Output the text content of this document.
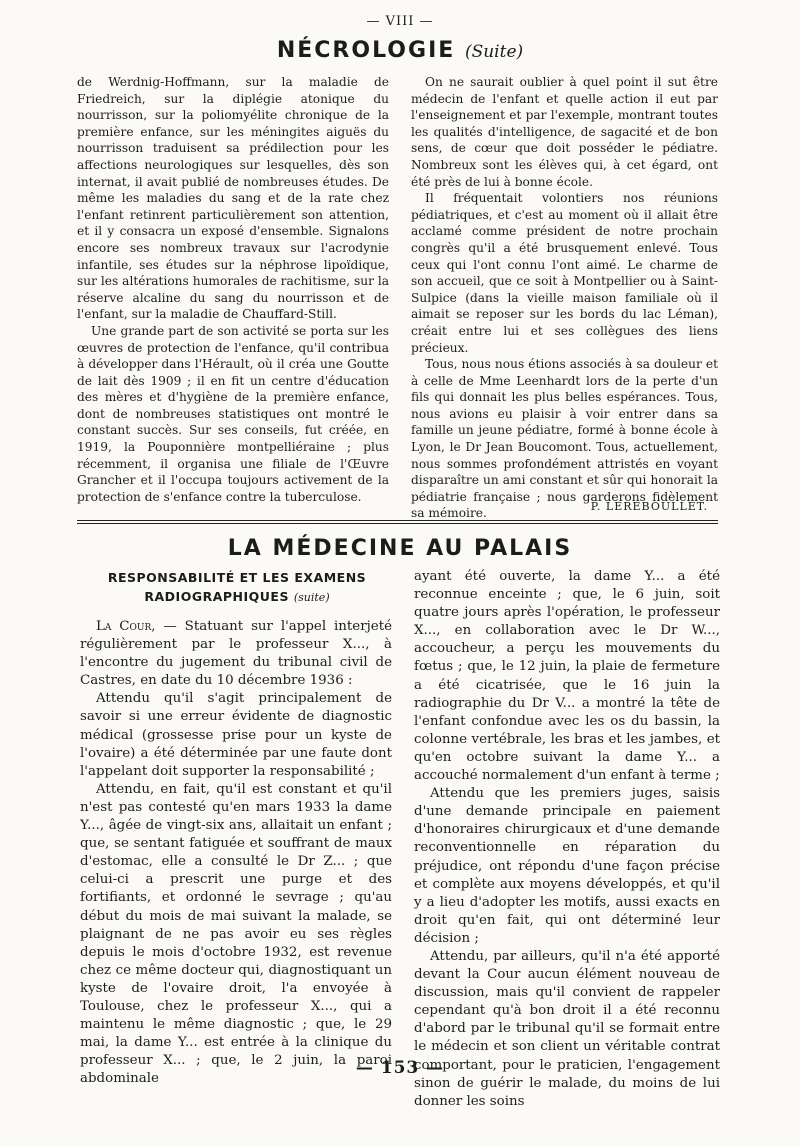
— VIII —
NÉCROLOGIE (Suite)

de Werdnig-Hoffmann, sur la maladie de Friedreich, sur la diplégie atonique du nourrisson, sur la poliomyélite chronique de la première enfance, sur les méningites aiguës du nourrisson traduisent sa prédilection pour les affections neurologiques sur lesquelles, dès son internat, il avait publié de nombreuses études. De même les maladies du sang et de la rate chez l'enfant retinrent particulièrement son attention, et il y consacra un exposé d'ensemble. Signalons encore ses nombreux travaux sur l'acrodynie infantile, ses études sur la néphrose lipoïdique, sur les altérations humorales de rachitisme, sur la réserve alcaline du sang du nourrisson et de l'enfant, sur la maladie de Chauffard-Still.

Une grande part de son activité se porta sur les œuvres de protection de l'enfance, qu'il contribua à développer dans l'Hérault, où il créa une Goutte de lait dès 1909 ; il en fit un centre d'éducation des mères et d'hygiène de la première enfance, dont de nombreuses statistiques ont montré le constant succès. Sur ses conseils, fut créée, en 1919, la Pouponnière montpelliéraine ; plus récemment, il organisa une filiale de l'Œuvre Grancher et il l'occupa toujours activement de la protection de s'enfance contre la tuberculose.

On ne saurait oublier à quel point il sut être médecin de l'enfant et quelle action il eut par l'enseignement et par l'exemple, montrant toutes les qualités d'intelligence, de sagacité et de bon sens, de cœur que doit posséder le pédiatre. Nombreux sont les élèves qui, à cet égard, ont été près de lui à bonne école.

Il fréquentait volontiers nos réunions pédiatriques, et c'est au moment où il allait être acclamé comme président de notre prochain congrès qu'il a été brusquement enlevé. Tous ceux qui l'ont connu l'ont aimé. Le charme de son accueil, que ce soit à Montpellier ou à Saint-Sulpice (dans la vieille maison familiale où il aimait se reposer sur les bords du lac Léman), créait entre lui et ses collègues des liens précieux.

Tous, nous nous étions associés à sa douleur et à celle de Mme Leenhardt lors de la perte d'un fils qui donnait les plus belles espérances. Tous, nous avions eu plaisir à voir entrer dans sa famille un jeune pédiatre, formé à bonne école à Lyon, le Dr Jean Boucomont. Tous, actuellement, nous sommes profondément attristés en voyant disparaître un ami constant et sûr qui honorait la pédiatrie française ; nous garderons fidèlement sa mémoire.	P. LEREBOULLET.
LA MÉDECINE AU PALAIS
RESPONSABILITÉ ET LES EXAMENS
RADIOGRAPHIQUES (suite)

La Cour, — Statuant sur l'appel interjeté régulièrement par le professeur X..., à l'encontre du jugement du tribunal civil de Castres, en date du 10 décembre 1936 :

Attendu qu'il s'agit principalement de savoir si une erreur évidente de diagnostic médical (grossesse prise pour un kyste de l'ovaire) a été déterminée par une faute dont l'appelant doit supporter la responsabilité ;

Attendu, en fait, qu'il est constant et qu'il n'est pas contesté qu'en mars 1933 la dame Y..., âgée de vingt-six ans, allaitait un enfant ; que, se sentant fatiguée et souffrant de maux d'estomac, elle a consulté le Dr Z... ; que celui-ci a prescrit une purge et des fortifiants, et ordonné le sevrage ; qu'au début du mois de mai suivant la malade, se plaignant de ne pas avoir eu ses règles depuis le mois d'octobre 1932, est revenue chez ce même docteur qui, diagnostiquant un kyste de l'ovaire droit, l'a envoyée à Toulouse, chez le professeur X..., qui a maintenu le même diagnostic ; que, le 29 mai, la dame Y... est entrée à la clinique du professeur X... ; que, le 2 juin, la paroi abdominale

ayant été ouverte, la dame Y... a été reconnue enceinte ; que, le 6 juin, soit quatre jours après l'opération, le professeur X..., en collaboration avec le Dr W..., accoucheur, a perçu les mouvements du fœtus ; que, le 12 juin, la plaie de fermeture a été cicatrisée, que le 16 juin la radiographie du Dr V... a montré la tête de l'enfant confondue avec les os du bassin, la colonne vertébrale, les bras et les jambes, et qu'en octobre suivant la dame Y... a accouché normalement d'un enfant à terme ;

Attendu que les premiers juges, saisis d'une demande principale en paiement d'honoraires chirurgicaux et d'une demande reconventionnelle en réparation du préjudice, ont répondu d'une façon précise et complète aux moyens développés, et qu'il y a lieu d'adopter les motifs, aussi exacts en droit qu'en fait, qui ont déterminé leur décision ;

Attendu, par ailleurs, qu'il n'a été apporté devant la Cour aucun élément nouveau de discussion, mais qu'il convient de rappeler cependant qu'à bon droit il a été reconnu d'abord par le tribunal qu'il se formait entre le médecin et son client un véritable contrat comportant, pour le praticien, l'engagement sinon de guérir le malade, du moins de lui donner les soins

— 153 —
